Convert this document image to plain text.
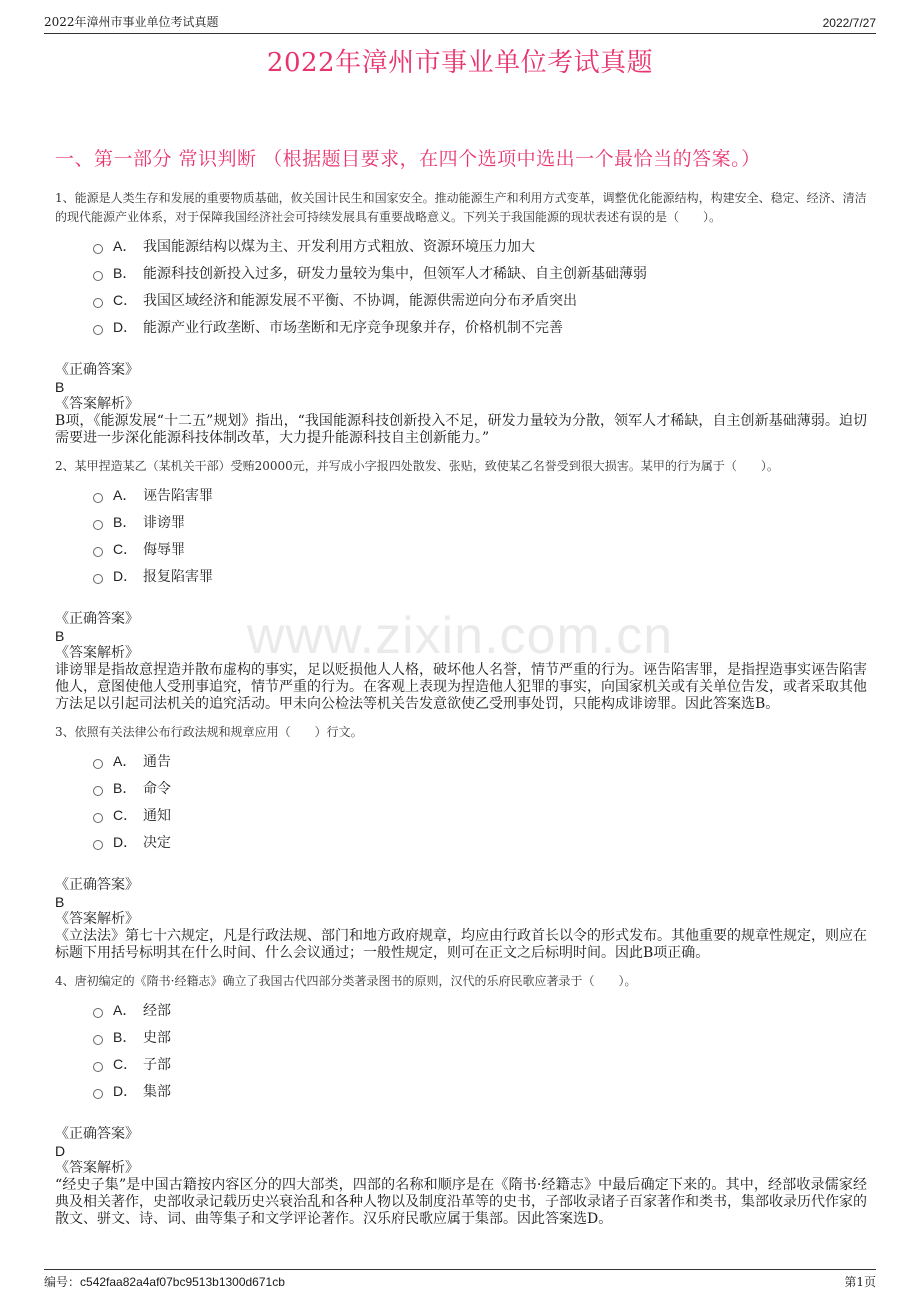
2022年漳州市事业单位考试真题	2022/7/27
2022年漳州市事业单位考试真题
一、第一部分 常识判断 （根据题目要求，在四个选项中选出一个最恰当的答案。）
www.zixin.com.cn
1、能源是人类生存和发展的重要物质基础，攸关国计民生和国家安全。推动能源生产和利用方式变革，调整优化能源结构，构建安全、稳定、经济、清洁的现代能源产业体系，对于保障我国经济社会可持续发展具有重要战略意义。下列关于我国能源的现状表述有误的是（　　）。
A． 我国能源结构以煤为主、开发利用方式粗放、资源环境压力加大
B． 能源科技创新投入过多，研发力量较为集中，但领军人才稀缺、自主创新基础薄弱
C． 我国区域经济和能源发展不平衡、不协调，能源供需逆向分布矛盾突出
D． 能源产业行政垄断、市场垄断和无序竞争现象并存，价格机制不完善
《正确答案》
B
《答案解析》
B项，《能源发展“十二五”规划》指出，“我国能源科技创新投入不足，研发力量较为分散，领军人才稀缺，自主创新基础薄弱。迫切需要进一步深化能源科技体制改革，大力提升能源科技自主创新能力。”
2、某甲捏造某乙（某机关干部）受贿20000元，并写成小字报四处散发、张贴，致使某乙名誉受到很大损害。某甲的行为属于（　　）。
A． 诬告陷害罪
B． 诽谤罪
C． 侮辱罪
D． 报复陷害罪
《正确答案》
B
《答案解析》
诽谤罪是指故意捏造并散布虚构的事实，足以贬损他人人格，破坏他人名誉，情节严重的行为。诬告陷害罪，是指捏造事实诬告陷害他人，意图使他人受刑事追究，情节严重的行为。在客观上表现为捏造他人犯罪的事实，向国家机关或有关单位告发，或者采取其他方法足以引起司法机关的追究活动。甲未向公检法等机关告发意欲使乙受刑事处罚，只能构成诽谤罪。因此答案选B。
3、依照有关法律公布行政法规和规章应用（　　）行文。
A． 通告
B． 命令
C． 通知
D． 决定
《正确答案》
B
《答案解析》
《立法法》第七十六规定，凡是行政法规、部门和地方政府规章，均应由行政首长以令的形式发布。其他重要的规章性规定，则应在标题下用括号标明其在什么时间、什么会议通过；一般性规定，则可在正文之后标明时间。因此B项正确。
4、唐初编定的《隋书·经籍志》确立了我国古代四部分类著录图书的原则，汉代的乐府民歌应著录于（　　）。
A． 经部
B． 史部
C． 子部
D． 集部
《正确答案》
D
《答案解析》
“经史子集”是中国古籍按内容区分的四大部类，四部的名称和顺序是在《隋书·经籍志》中最后确定下来的。其中，经部收录儒家经典及相关著作，史部收录记载历史兴衰治乱和各种人物以及制度沿革等的史书，子部收录诸子百家著作和类书，集部收录历代作家的散文、骈文、诗、词、曲等集子和文学评论著作。汉乐府民歌应属于集部。因此答案选D。
编号：c542faa82a4af07bc9513b1300d671cb	第1页
